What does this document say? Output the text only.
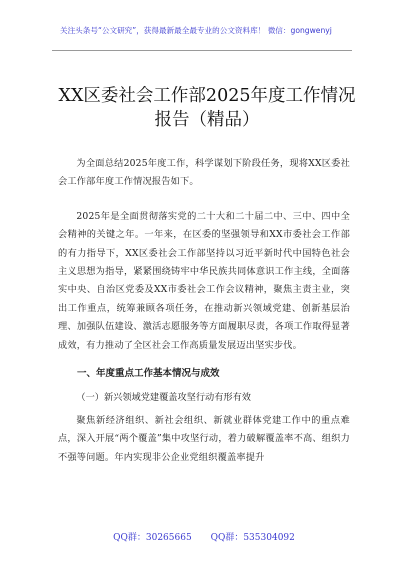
关注头条号“公文研究”，获得最新最全最专业的公文资料库！ 微信：gongwenyj
XX区委社会工作部2025年度工作情况
报告（精品）

为全面总结2025年度工作，科学谋划下阶段任务，现将XX区委社会工作部年度工作情况报告如下。

2025年是全面贯彻落实党的二十大和二十届二中、三中、四中全会精神的关键之年。一年来，在区委的坚强领导和XX市委社会工作部的有力指导下，XX区委社会工作部坚持以习近平新时代中国特色社会主义思想为指导，紧紧围绕铸牢中华民族共同体意识工作主线，全面落实中央、自治区党委及XX市委社会工作会议精神，聚焦主责主业，突出工作重点，统筹兼顾各项任务，在推动新兴领域党建、创新基层治理、加强队伍建设、激活志愿服务等方面履职尽责，各项工作取得显著成效，有力推动了全区社会工作高质量发展迈出坚实步伐。

一、年度重点工作基本情况与成效
（一）新兴领域党建覆盖攻坚行动有形有效

聚焦新经济组织、新社会组织、新就业群体党建工作中的重点难点，深入开展“两个覆盖”集中攻坚行动，着力破解覆盖率不高、组织力不强等问题。年内实现非公企业党组织覆盖率提升

QQ群：30265665 QQ群：535304092
